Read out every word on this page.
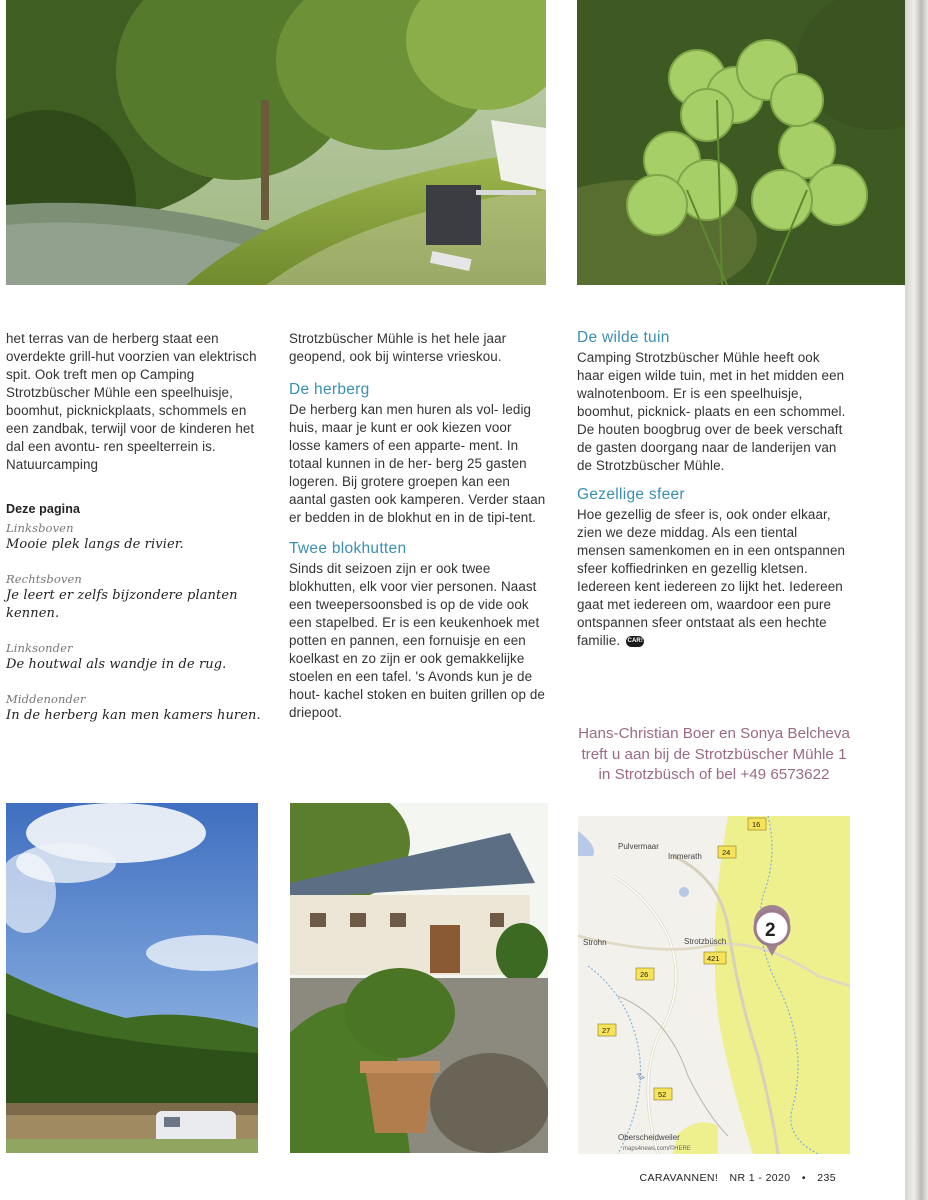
het terras van de herberg staat een overdekte grill-hut voorzien van elektrisch spit. Ook treft men op Camping Strotzbüscher Mühle een speelhuisje, boomhut, picknickplaats, schommels en een zandbak, terwijl voor de kinderen het dal een avontu- ren speelterrein is. Natuurcamping

Deze pagina
Linksboven
Mooie plek langs de rivier.
Rechtsboven
Je leert er zelfs bijzondere planten kennen.
Linksonder
De houtwal als wandje in de rug.
Middenonder
In de herberg kan men kamers huren.

Strotzbüscher Mühle is het hele jaar geopend, ook bij winterse vrieskou.

De herberg

De herberg kan men huren als vol- ledig huis, maar je kunt er ook kiezen voor losse kamers of een apparte- ment. In totaal kunnen in de her- berg 25 gasten logeren. Bij grotere groepen kan een aantal gasten ook kamperen. Verder staan er bedden in de blokhut en in de tipi-tent.

Twee blokhutten

Sinds dit seizoen zijn er ook twee blokhutten, elk voor vier personen. Naast een tweepersoonsbed is op de vide ook een stapelbed. Er is een keukenhoek met potten en pannen, een fornuisje en een koelkast en zo zijn er ook gemakkelijke stoelen en een tafel. 's Avonds kun je de hout- kachel stoken en buiten grillen op de driepoot.

De wilde tuin

Camping Strotzbüscher Mühle heeft ook haar eigen wilde tuin, met in het midden een walnotenboom. Er is een speelhuisje, boomhut, picknick- plaats en een schommel. De houten boogbrug over de beek verschaft de gasten doorgang naar de landerijen van de Strotzbüscher Mühle.

Gezellige sfeer

Hoe gezellig de sfeer is, ook onder elkaar, zien we deze middag. Als een tiental mensen samenkomen en in een ontspannen sfeer koffiedrinken en gezellig kletsen. Iedereen kent iedereen zo lijkt het. Iedereen gaat met iedereen om, waardoor een pure ontspannen sfeer ontstaat als een hechte familie. CAR!

Hans-Christian Boer en Sonya Belcheva treft u aan bij de Strotzbüscher Mühle 1 in Strotzbüsch of bel +49 6573622
Pulvermaar
Immerath
Strohn	Strotzbüsch
Oberscheidweiler
16
24
421
26
27
52
Alf
2
maps4news.com/©HERE
CARAVANNEN! NR 1 - 2020 • 235
